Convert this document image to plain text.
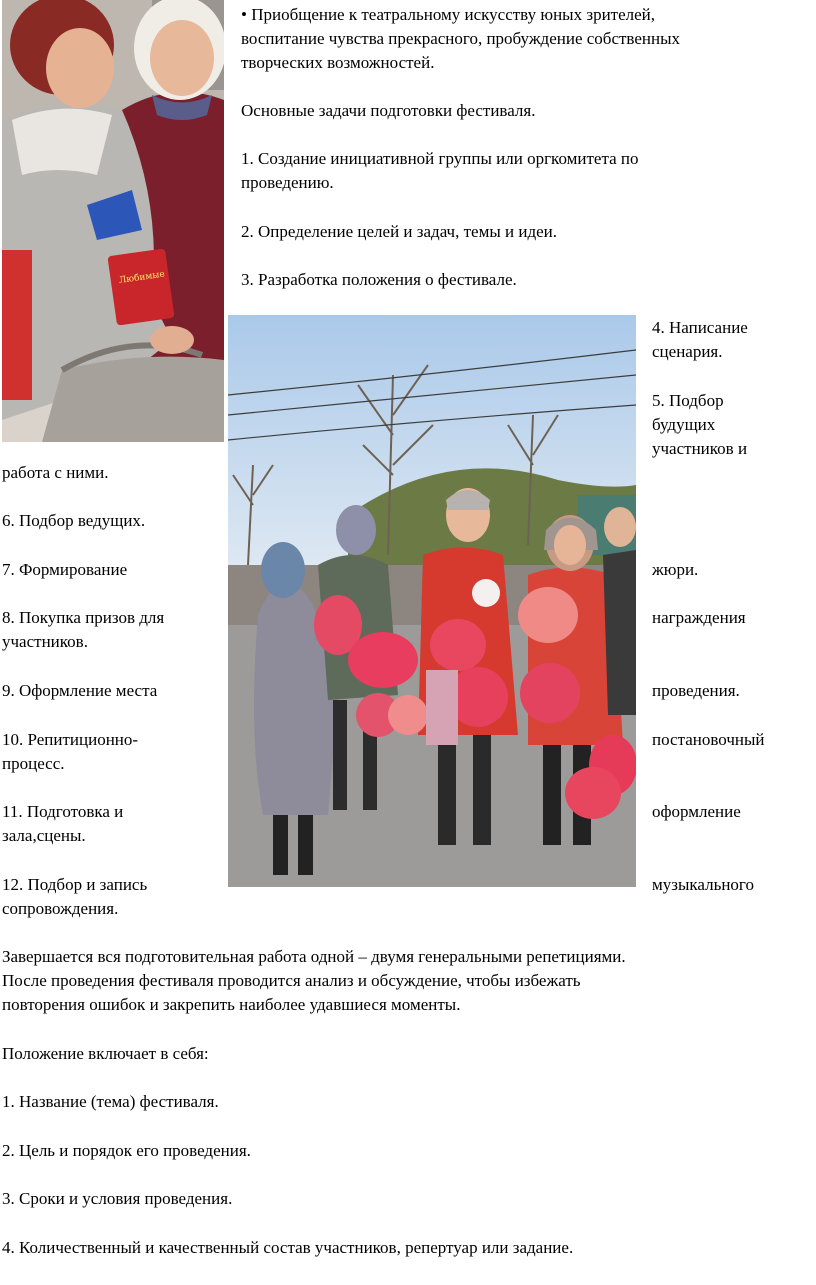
Любимые

• Приобщение к театральному искусству юных зрителей,

воспитание чувства прекрасного, пробуждение собственных

творческих возможностей.

Основные задачи подготовки фестиваля.

1. Создание инициативной группы или оргкомитета по

проведению.

2. Определение целей и задач, темы и идеи.

3. Разработка положения о фестивале.

4. Написание

сценария.

5. Подбор

будущих

участников и

работа с ними.

6. Подбор ведущих.

7. Формирование	жюри.

8. Покупка призов для	награждения

участников.

9. Оформление места	проведения.

10. Репитиционно-	постановочный

процесс.

11. Подготовка и	оформление

зала,сцены.

12. Подбор и запись	музыкального

сопровождения.

Завершается вся подготовительная работа одной – двумя генеральными репетициями.

После проведения фестиваля проводится анализ и обсуждение, чтобы избежать

повторения ошибок и закрепить наиболее удавшиеся моменты.

Положение включает в себя:

1. Название (тема) фестиваля.

2. Цель и порядок его проведения.

3. Сроки и условия проведения.

4. Количественный и качественный состав участников, репертуар или задание.
